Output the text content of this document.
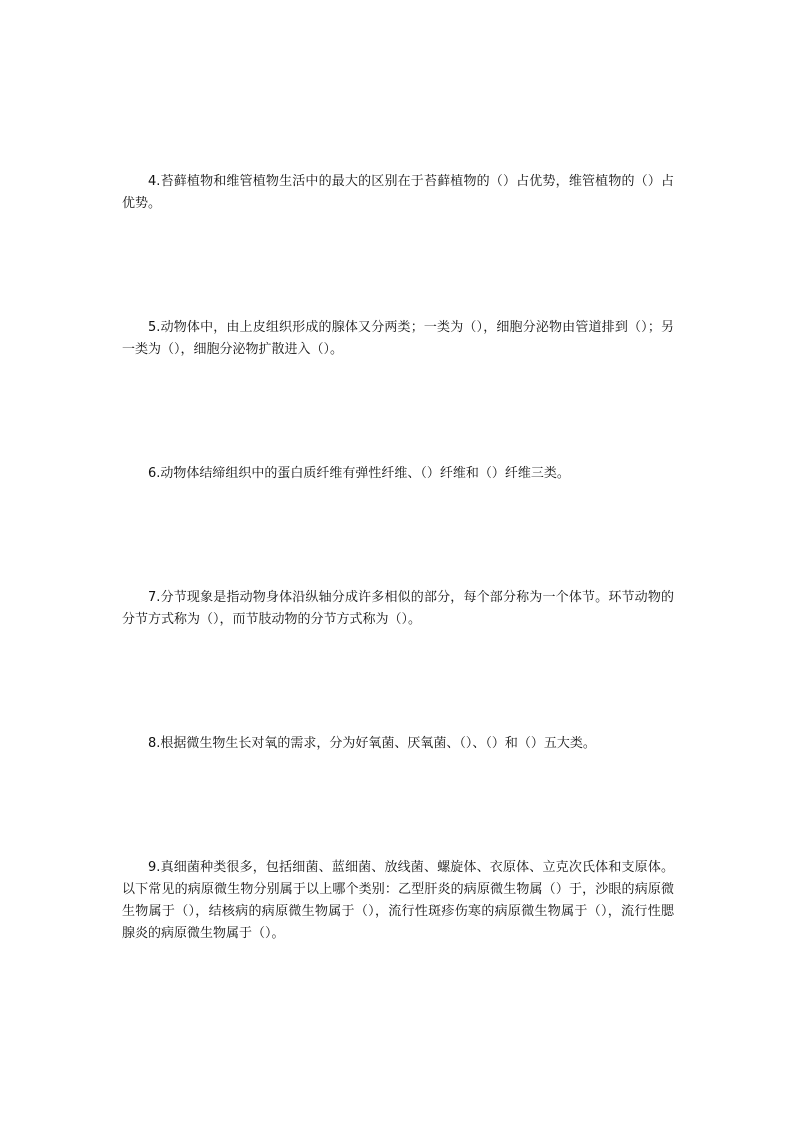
4.苔藓植物和维管植物生活中的最大的区别在于苔藓植物的（）占优势，维管植物的（）占优势。

5.动物体中，由上皮组织形成的腺体又分两类；一类为（），细胞分泌物由管道排到（）；另一类为（），细胞分泌物扩散进入（）。

6.动物体结缔组织中的蛋白质纤维有弹性纤维、（）纤维和（）纤维三类。

7.分节现象是指动物身体沿纵轴分成许多相似的部分，每个部分称为一个体节。环节动物的分节方式称为（），而节肢动物的分节方式称为（）。

8.根据微生物生长对氧的需求，分为好氧菌、厌氧菌、（）、（）和（）五大类。

9.真细菌种类很多，包括细菌、蓝细菌、放线菌、螺旋体、衣原体、立克次氏体和支原体。以下常见的病原微生物分别属于以上哪个类别：乙型肝炎的病原微生物属（）于，沙眼的病原微生物属于（），结核病的病原微生物属于（），流行性斑疹伤寒的病原微生物属于（），流行性腮腺炎的病原微生物属于（）。
